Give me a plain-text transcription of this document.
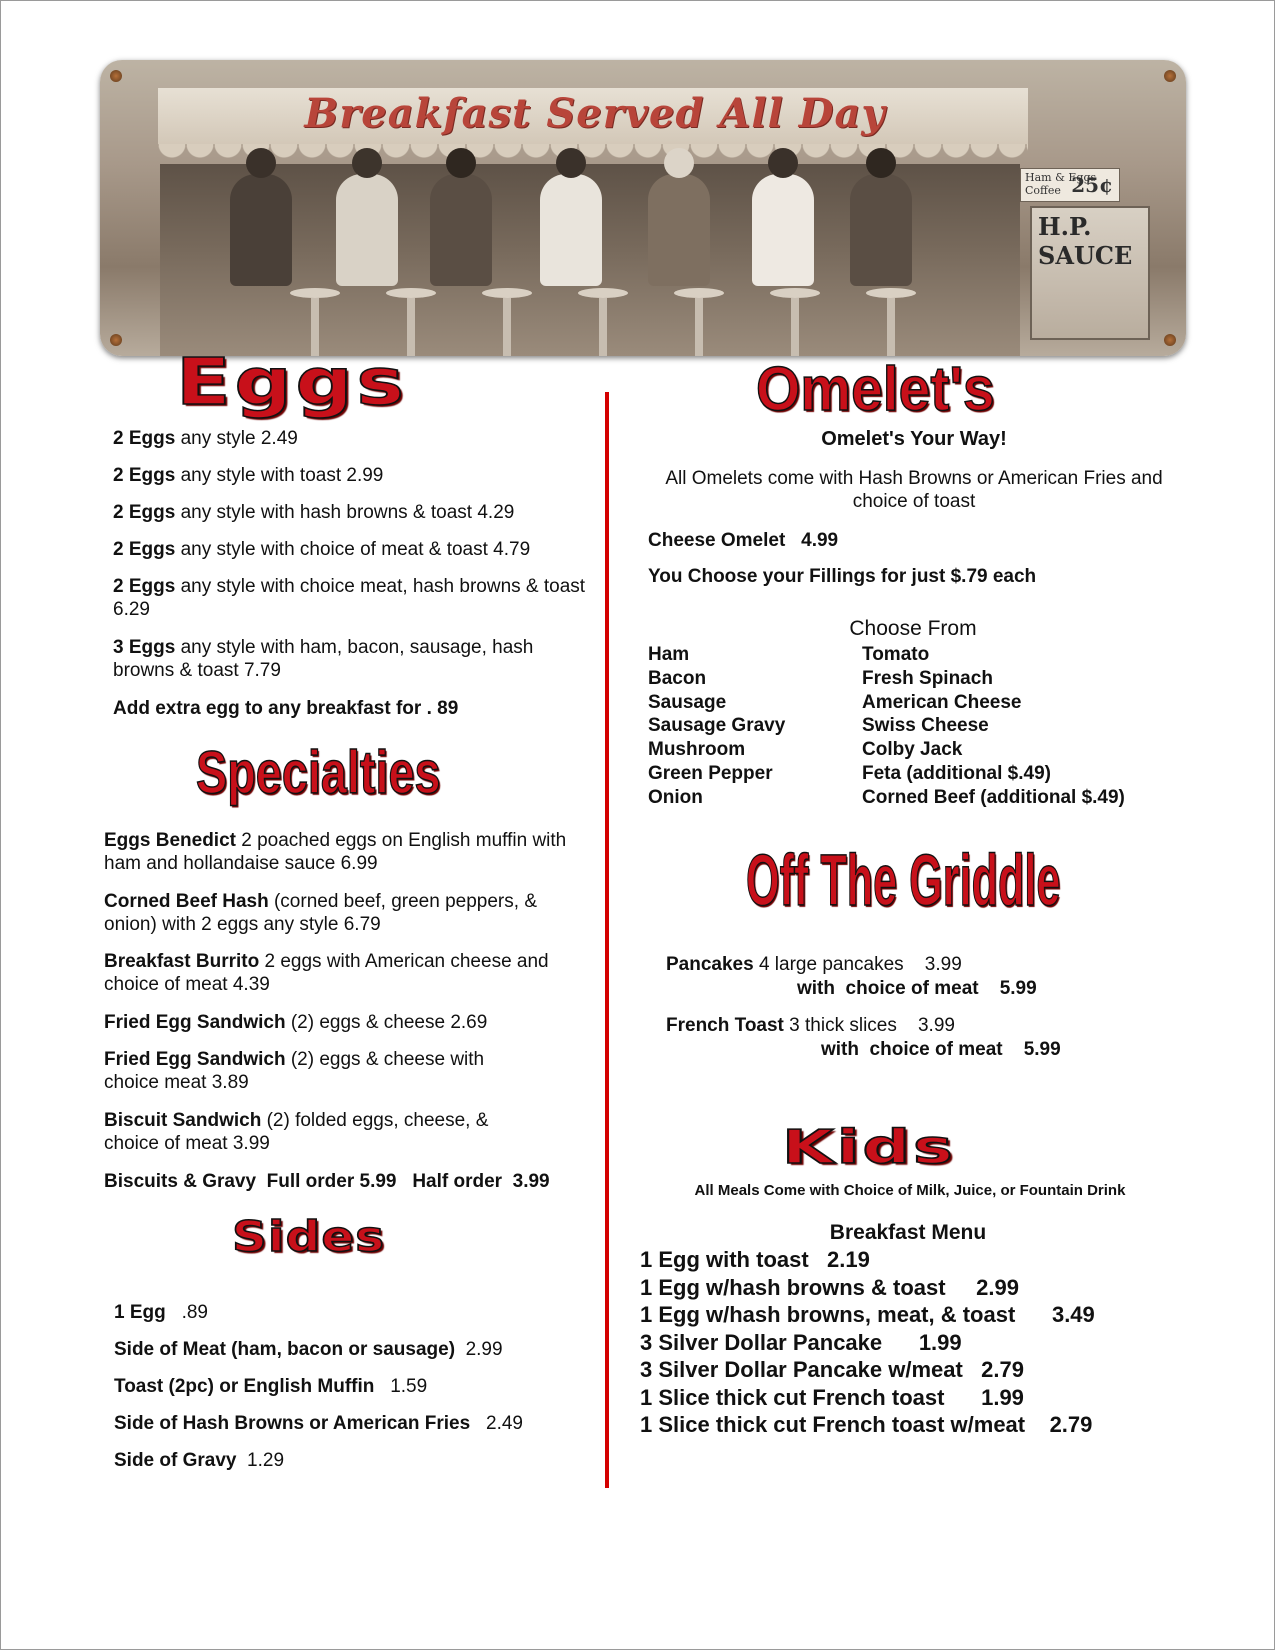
Breakfast Served All Day
Ham & Eggs Coffee 25¢
H.P. SAUCE
Eggs
2 Eggs any style 2.49
2 Eggs any style with toast 2.99
2 Eggs any style with hash browns & toast 4.29
2 Eggs any style with choice of meat & toast 4.79
2 Eggs any style with choice meat, hash browns & toast 6.29
3 Eggs any style with ham, bacon, sausage, hash browns & toast 7.79
Add extra egg to any breakfast for . 89
Specialties
Eggs Benedict 2 poached eggs on English muffin with ham and hollandaise sauce 6.99
Corned Beef Hash (corned beef, green peppers, & onion) with 2 eggs any style 6.79
Breakfast Burrito 2 eggs with American cheese and choice of meat 4.39
Fried Egg Sandwich (2) eggs & cheese 2.69
Fried Egg Sandwich (2) eggs & cheese with choice meat 3.89
Biscuit Sandwich (2) folded eggs, cheese, & choice of meat 3.99
Biscuits & Gravy  Full order 5.99   Half order  3.99
Sides
1 Egg   .89
Side of Meat (ham, bacon or sausage)  2.99
Toast (2pc) or English Muffin   1.59
Side of Hash Browns or American Fries   2.49
Side of Gravy  1.29
Omelet's
Omelet's Your Way!
All Omelets come with Hash Browns or American Fries and choice of toast
Cheese Omelet   4.99
You Choose your Fillings for just $.79 each
Choose From
Ham
Bacon
Sausage
Sausage Gravy
Mushroom
Green Pepper
Onion
Tomato
Fresh Spinach
American Cheese
Swiss Cheese
Colby Jack
Feta (additional $.49)
Corned Beef (additional $.49)
Off The Griddle
Pancakes 4 large pancakes    3.99
with  choice of meat    5.99
French Toast 3 thick slices    3.99
with  choice of meat    5.99
Kids
All Meals Come with Choice of Milk, Juice, or Fountain Drink
Breakfast Menu
1 Egg with toast   2.19
1 Egg w/hash browns & toast     2.99
1 Egg w/hash browns, meat, & toast      3.49
3 Silver Dollar Pancake      1.99
3 Silver Dollar Pancake w/meat   2.79
1 Slice thick cut French toast      1.99
1 Slice thick cut French toast w/meat    2.79
